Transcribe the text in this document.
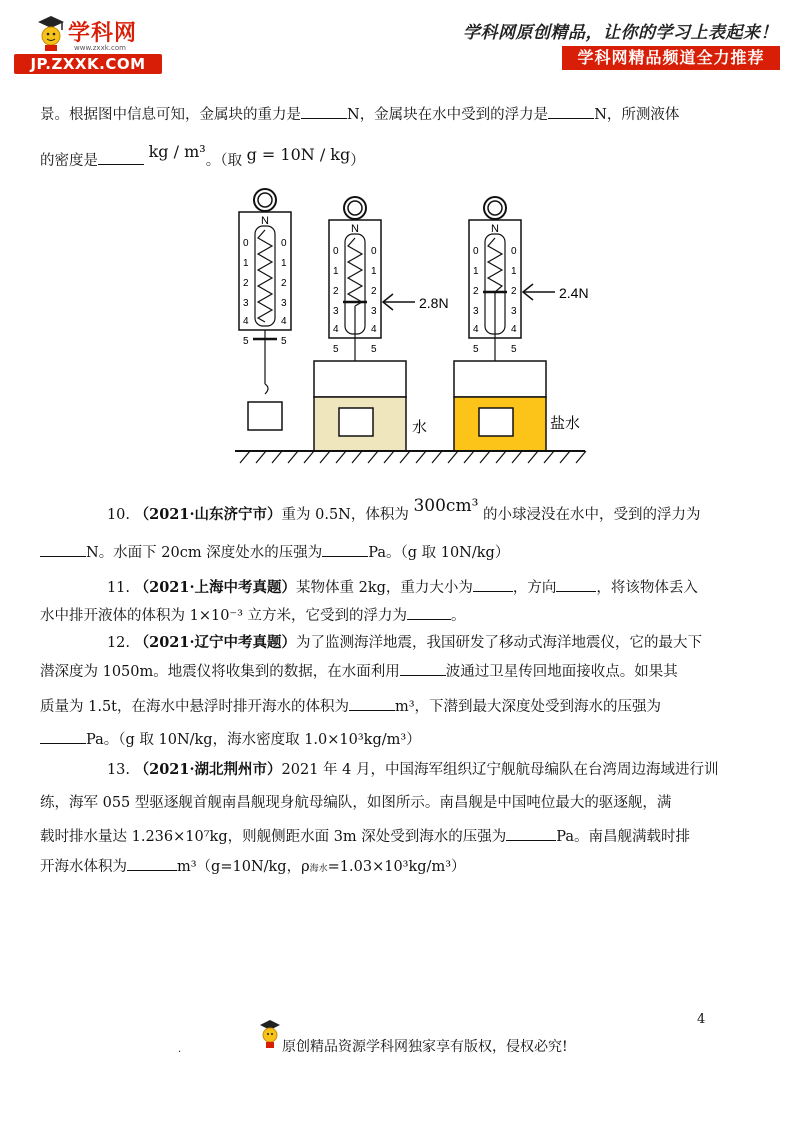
学科网
www.zxxk.com
JP.ZXXK.COM
学科网原创精品，让你的学习上表起来！
学科网精品频道全力推荐
景。根据图中信息可知，金属块的重力是	N，金属块在水中受到的浮力是	N，所测液体
的密度是	kg / m³。（取 g = 10N / kg）
N
0	0
1	1
2	2
3	3
4	4
5	5
N
0	0
1	1
2	2
3	3
4	4
5	5
2.8N
水
N
0	0
1	1
2	2
3	3
4	4
5	5
2.4N
盐水
10. （2021·山东济宁市）重为 0.5N，体积为 300cm³ 的小球浸没在水中，受到的浮力为
N。水面下 20cm 深度处水的压强为	Pa。（g 取 10N/kg）
11. （2021·上海中考真题）某物体重 2kg，重力大小为	，方向	，将该物体丢入
水中排开液体的体积为 1×10⁻³ 立方米，它受到的浮力为	。
12. （2021·辽宁中考真题）为了监测海洋地震，我国研发了移动式海洋地震仪，它的最大下
潜深度为 1050m。地震仪将收集到的数据，在水面利用	波通过卫星传回地面接收点。如果其
质量为 1.5t，在海水中悬浮时排开海水的体积为	m³，下潜到最大深度处受到海水的压强为
Pa。（g 取 10N/kg，海水密度取 1.0×10³kg/m³）
13. （2021·湖北荆州市）2021 年 4 月，中国海军组织辽宁舰航母编队在台湾周边海域进行训
练，海军 055 型驱逐舰首舰南昌舰现身航母编队，如图所示。南昌舰是中国吨位最大的驱逐舰，满
载时排水量达 1.236×10⁷kg，则舰侧距水面 3m 深处受到海水的压强为	Pa。南昌舰满载时排
开海水体积为	m³（g=10N/kg，ρ海水=1.03×10³kg/m³）
4
.	原创精品资源学科网独家享有版权，侵权必究!
